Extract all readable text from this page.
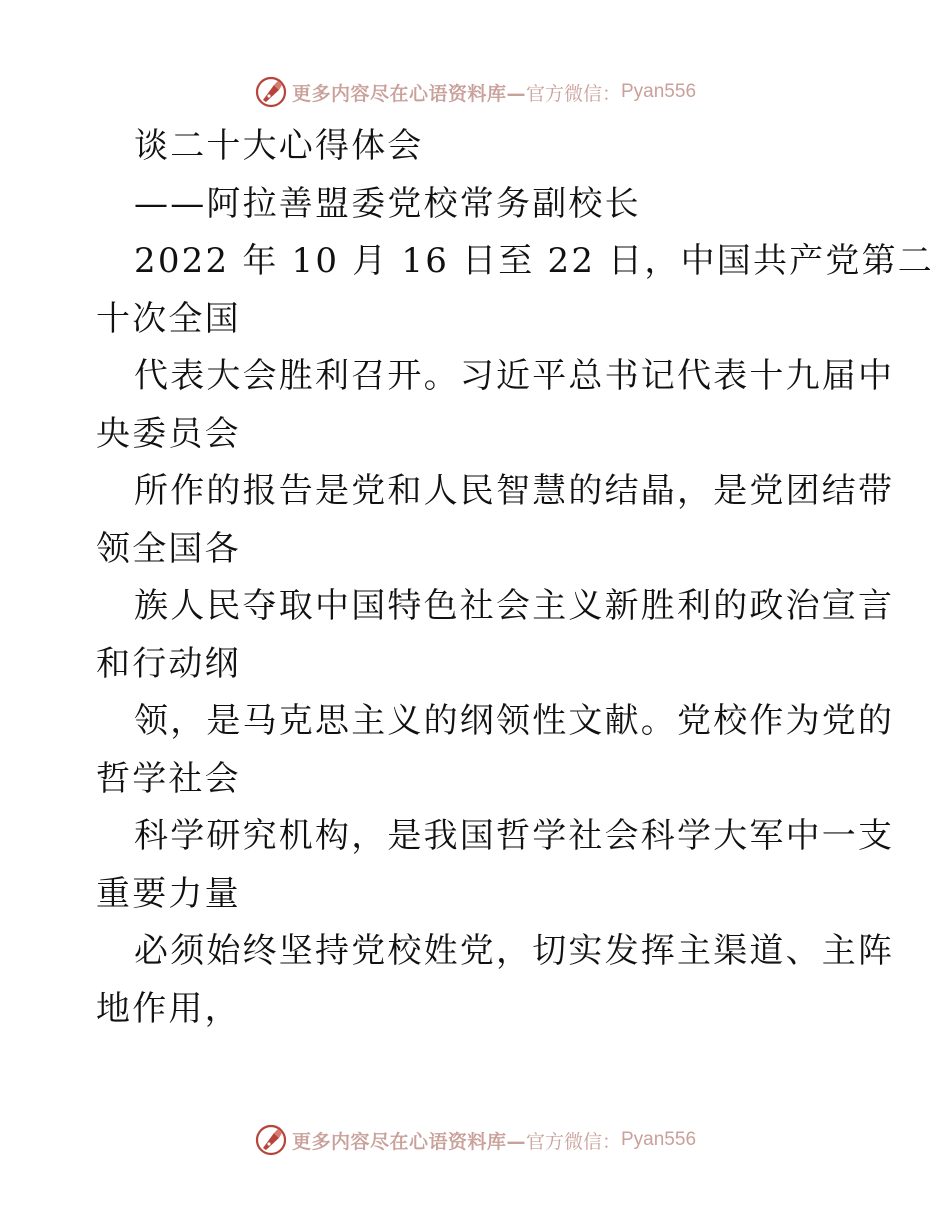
更多内容尽在心语资料库— 官方微信： Pyan556
谈二十大心得体会
——阿拉善盟委党校常务副校长
2022 年 10 月 16 日至 22 日，中国共产党第二
十次全国
代表大会胜利召开。习近平总书记代表十九届中
央委员会
所作的报告是党和人民智慧的结晶，是党团结带
领全国各
族人民夺取中国特色社会主义新胜利的政治宣言
和行动纲
领，是马克思主义的纲领性文献。党校作为党的
哲学社会
科学研究机构，是我国哲学社会科学大军中一支
重要力量
必须始终坚持党校姓党，切实发挥主渠道、主阵
地作用，
更多内容尽在心语资料库— 官方微信： Pyan556
